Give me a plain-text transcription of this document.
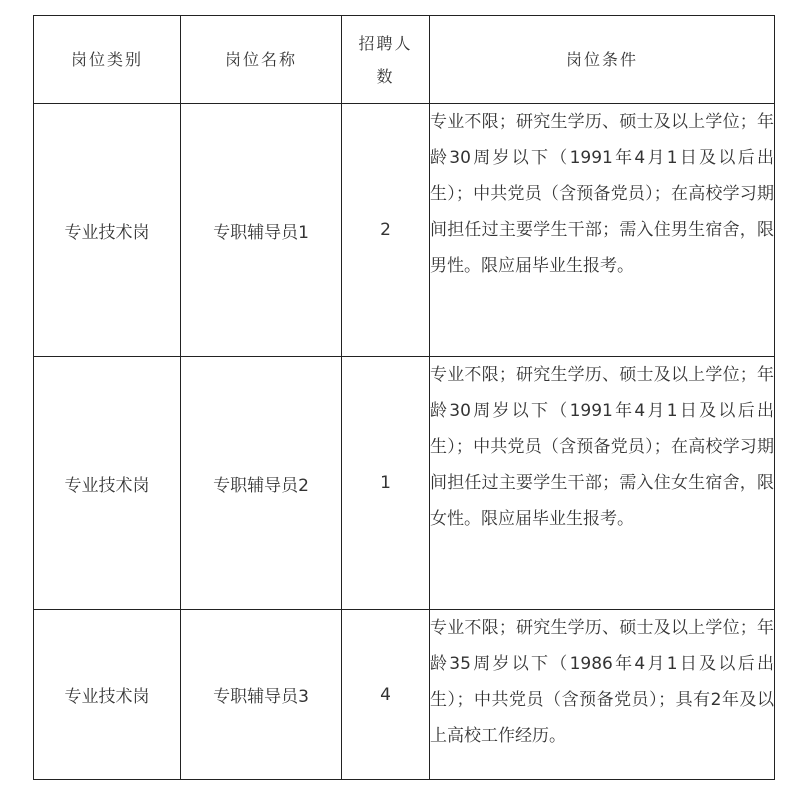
岗位类别	岗位名称	招聘人数	岗位条件
专业技术岗	专职辅导员1	2	专业不限；研究生学历、硕士及以上学位；年龄30周岁以下（1991年4月1日及以后出生）；中共党员（含预备党员）；在高校学习期间担任过主要学生干部；需入住男生宿舍，限男性。限应届毕业生报考。
专业技术岗	专职辅导员2	1	专业不限；研究生学历、硕士及以上学位；年龄30周岁以下（1991年4月1日及以后出生）；中共党员（含预备党员）；在高校学习期间担任过主要学生干部；需入住女生宿舍，限女性。限应届毕业生报考。
专业技术岗	专职辅导员3	4	专业不限；研究生学历、硕士及以上学位；年龄35周岁以下（1986年4月1日及以后出生）；中共党员（含预备党员）；具有2年及以上高校工作经历。
